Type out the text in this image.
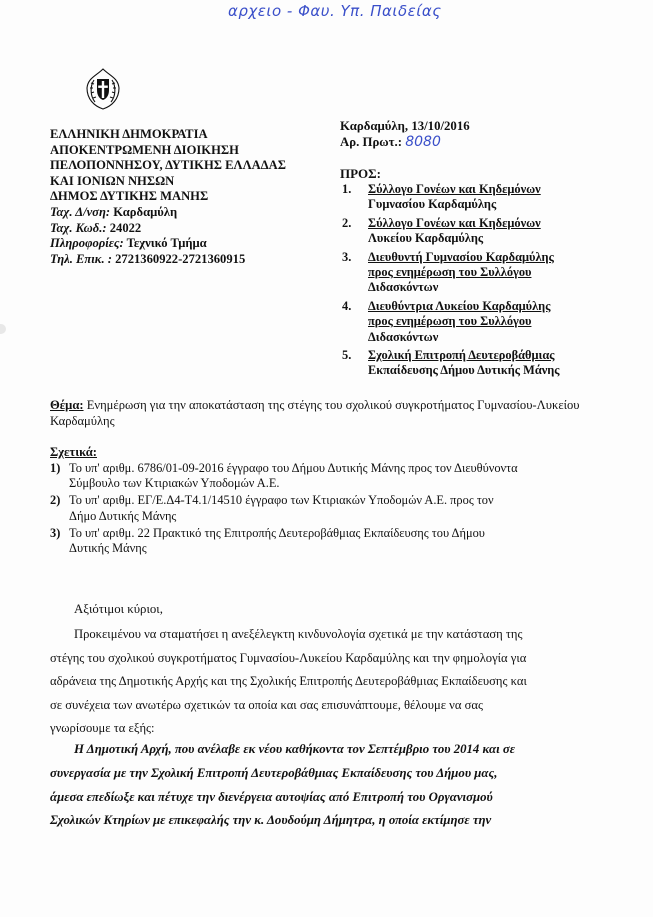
αρχειο - Φαυ. Υπ. Παιδείας
ΕΛΛΗΝΙΚΗ ΔΗΜΟΚΡΑΤΙΑ
ΑΠΟΚΕΝΤΡΩΜΕΝΗ ΔΙΟΙΚΗΣΗ
ΠΕΛΟΠΟΝΝΗΣΟΥ, ΔΥΤΙΚΗΣ ΕΛΛΑΔΑΣ
ΚΑΙ ΙΟΝΙΩΝ ΝΗΣΩΝ
ΔΗΜΟΣ ΔΥΤΙΚΗΣ ΜΑΝΗΣ
Ταχ. Δ/νση: Καρδαμύλη
Ταχ. Κωδ.: 24022
Πληροφορίες: Τεχνικό Τμήμα
Τηλ. Επικ. : 2721360922-2721360915
Καρδαμύλη, 13/10/2016
Αρ. Πρωτ.: 8080
ΠΡΟΣ:
1. Σύλλογο Γονέων και Κηδεμόνων
Γυμνασίου Καρδαμύλης
2. Σύλλογο Γονέων και Κηδεμόνων
Λυκείου Καρδαμύλης
3. Διευθυντή Γυμνασίου Καρδαμύλης
προς ενημέρωση του Συλλόγου
Διδασκόντων
4. Διευθύντρια Λυκείου Καρδαμύλης
προς ενημέρωση του Συλλόγου
Διδασκόντων
5. Σχολική Επιτροπή Δευτεροβάθμιας
Εκπαίδευσης Δήμου Δυτικής Μάνης
Θέμα: Ενημέρωση για την αποκατάσταση της στέγης του σχολικού συγκροτήματος Γυμνασίου-Λυκείου Καρδαμύλης
Σχετικά:
1) Το υπ' αριθμ. 6786/01-09-2016 έγγραφο του Δήμου Δυτικής Μάνης προς τον Διευθύνοντα
Σύμβουλο των Κτιριακών Υποδομών Α.Ε.
2) Το υπ' αριθμ. ΕΓ/Ε.Δ4-Τ4.1/14510 έγγραφο των Κτιριακών Υποδομών Α.Ε. προς τον
Δήμο Δυτικής Μάνης
3) Το υπ' αριθμ. 22 Πρακτικό της Επιτροπής Δευτεροβάθμιας Εκπαίδευσης του Δήμου
Δυτικής Μάνης
Αξιότιμοι κύριοι,
Προκειμένου να σταματήσει η ανεξέλεγκτη κινδυνολογία σχετικά με την κατάσταση της
στέγης του σχολικού συγκροτήματος Γυμνασίου-Λυκείου Καρδαμύλης και την φημολογία για
αδράνεια της Δημοτικής Αρχής και της Σχολικής Επιτροπής Δευτεροβάθμιας Εκπαίδευσης και
σε συνέχεια των ανωτέρω σχετικών τα οποία και σας επισυνάπτουμε, θέλουμε να σας
γνωρίσουμε τα εξής:
Η Δημοτική Αρχή, που ανέλαβε εκ νέου καθήκοντα τον Σεπτέμβριο του 2014 και σε
συνεργασία με την Σχολική Επιτροπή Δευτεροβάθμιας Εκπαίδευσης του Δήμου μας,
άμεσα επεδίωξε και πέτυχε την διενέργεια αυτοψίας από Επιτροπή του Οργανισμού
Σχολικών Κτηρίων με επικεφαλής την κ. Δουδούμη Δήμητρα, η οποία εκτίμησε την
